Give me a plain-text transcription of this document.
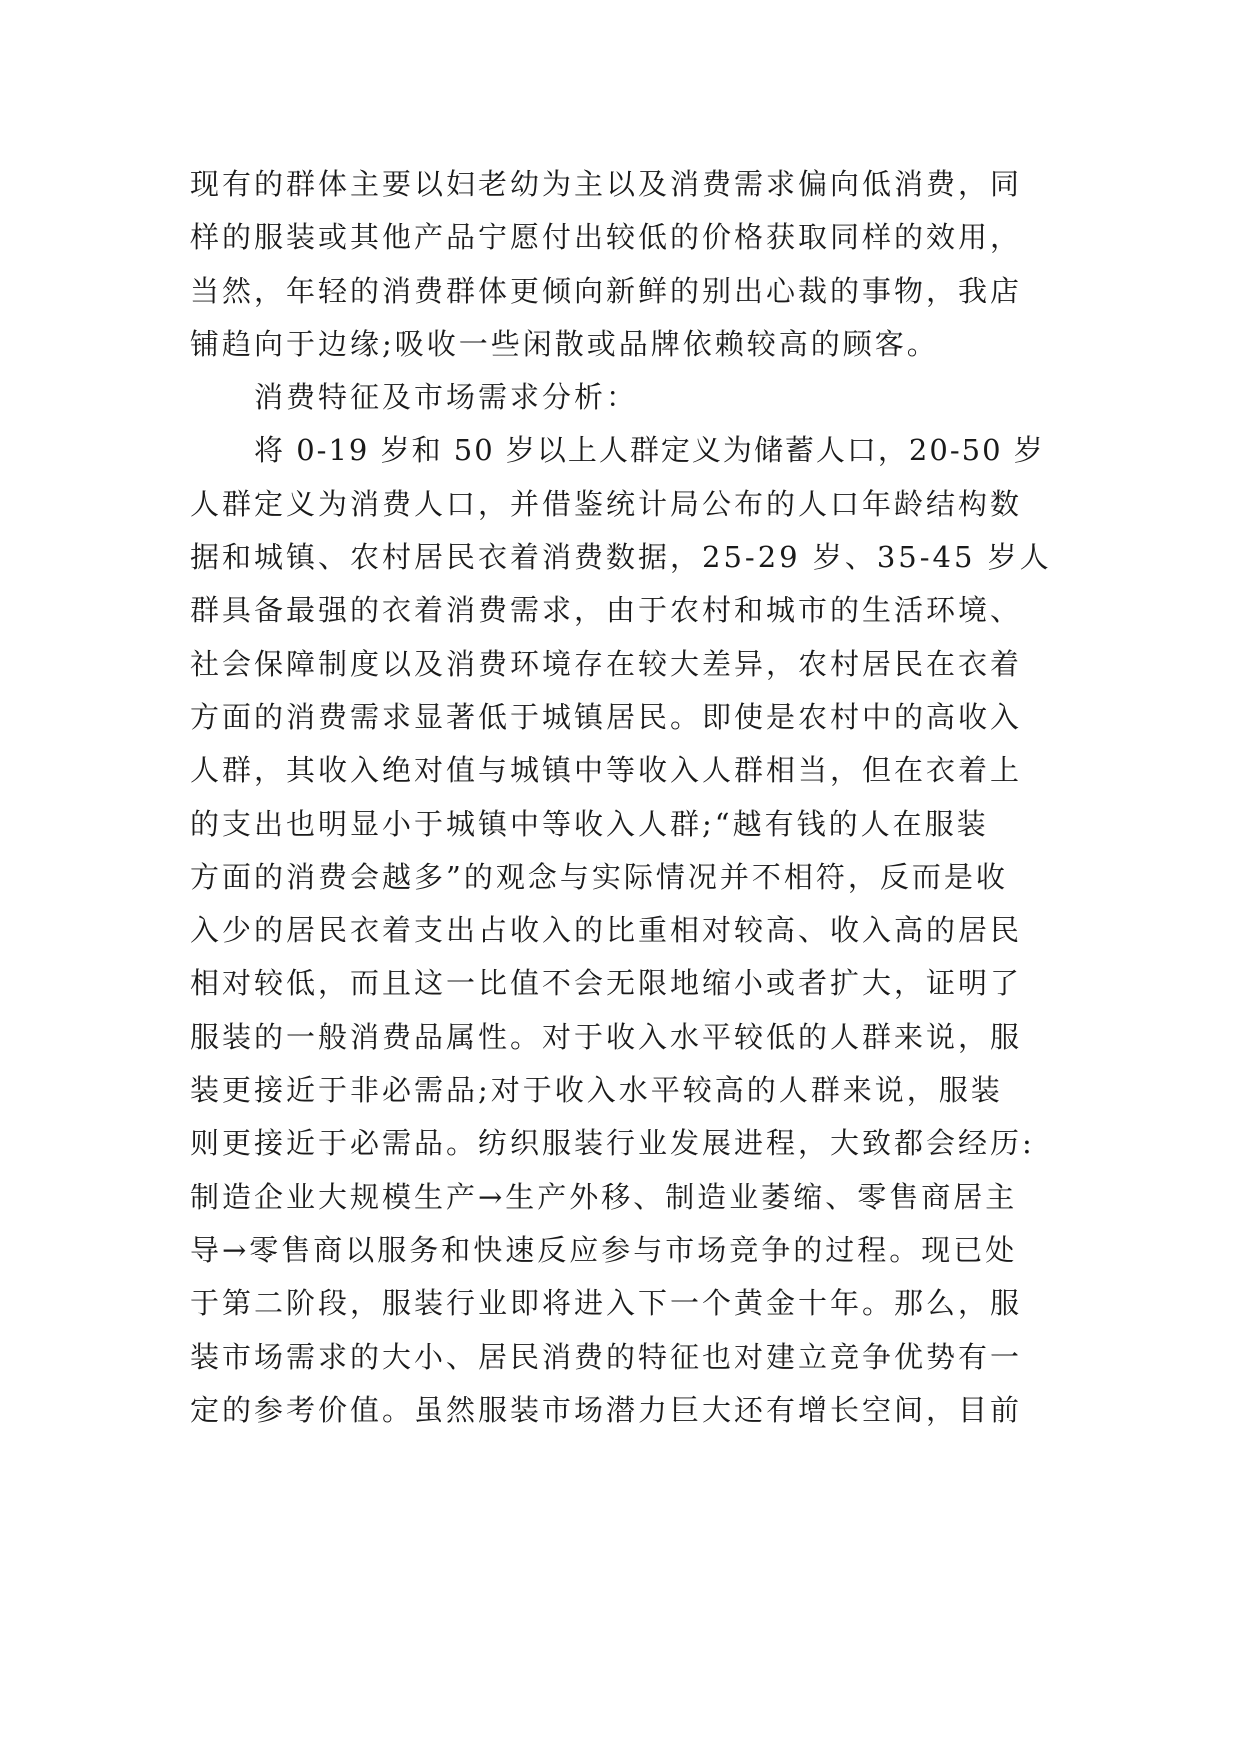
现有的群体主要以妇老幼为主以及消费需求偏向低消费，同
样的服装或其他产品宁愿付出较低的价格获取同样的效用，
当然，年轻的消费群体更倾向新鲜的别出心裁的事物，我店
铺趋向于边缘;吸收一些闲散或品牌依赖较高的顾客。
消费特征及市场需求分析：
将 0-19 岁和 50 岁以上人群定义为储蓄人口，20-50 岁
人群定义为消费人口，并借鉴统计局公布的人口年龄结构数
据和城镇、农村居民衣着消费数据，25-29 岁、35-45 岁人
群具备最强的衣着消费需求，由于农村和城市的生活环境、
社会保障制度以及消费环境存在较大差异，农村居民在衣着
方面的消费需求显著低于城镇居民。即使是农村中的高收入
人群，其收入绝对值与城镇中等收入人群相当，但在衣着上
的支出也明显小于城镇中等收入人群;“越有钱的人在服装
方面的消费会越多”的观念与实际情况并不相符，反而是收
入少的居民衣着支出占收入的比重相对较高、收入高的居民
相对较低，而且这一比值不会无限地缩小或者扩大，证明了
服装的一般消费品属性。对于收入水平较低的人群来说，服
装更接近于非必需品;对于收入水平较高的人群来说，服装
则更接近于必需品。纺织服装行业发展进程，大致都会经历:
制造企业大规模生产→生产外移、制造业萎缩、零售商居主
导→零售商以服务和快速反应参与市场竞争的过程。现已处
于第二阶段，服装行业即将进入下一个黄金十年。那么，服
装市场需求的大小、居民消费的特征也对建立竞争优势有一
定的参考价值。虽然服装市场潜力巨大还有增长空间，目前
